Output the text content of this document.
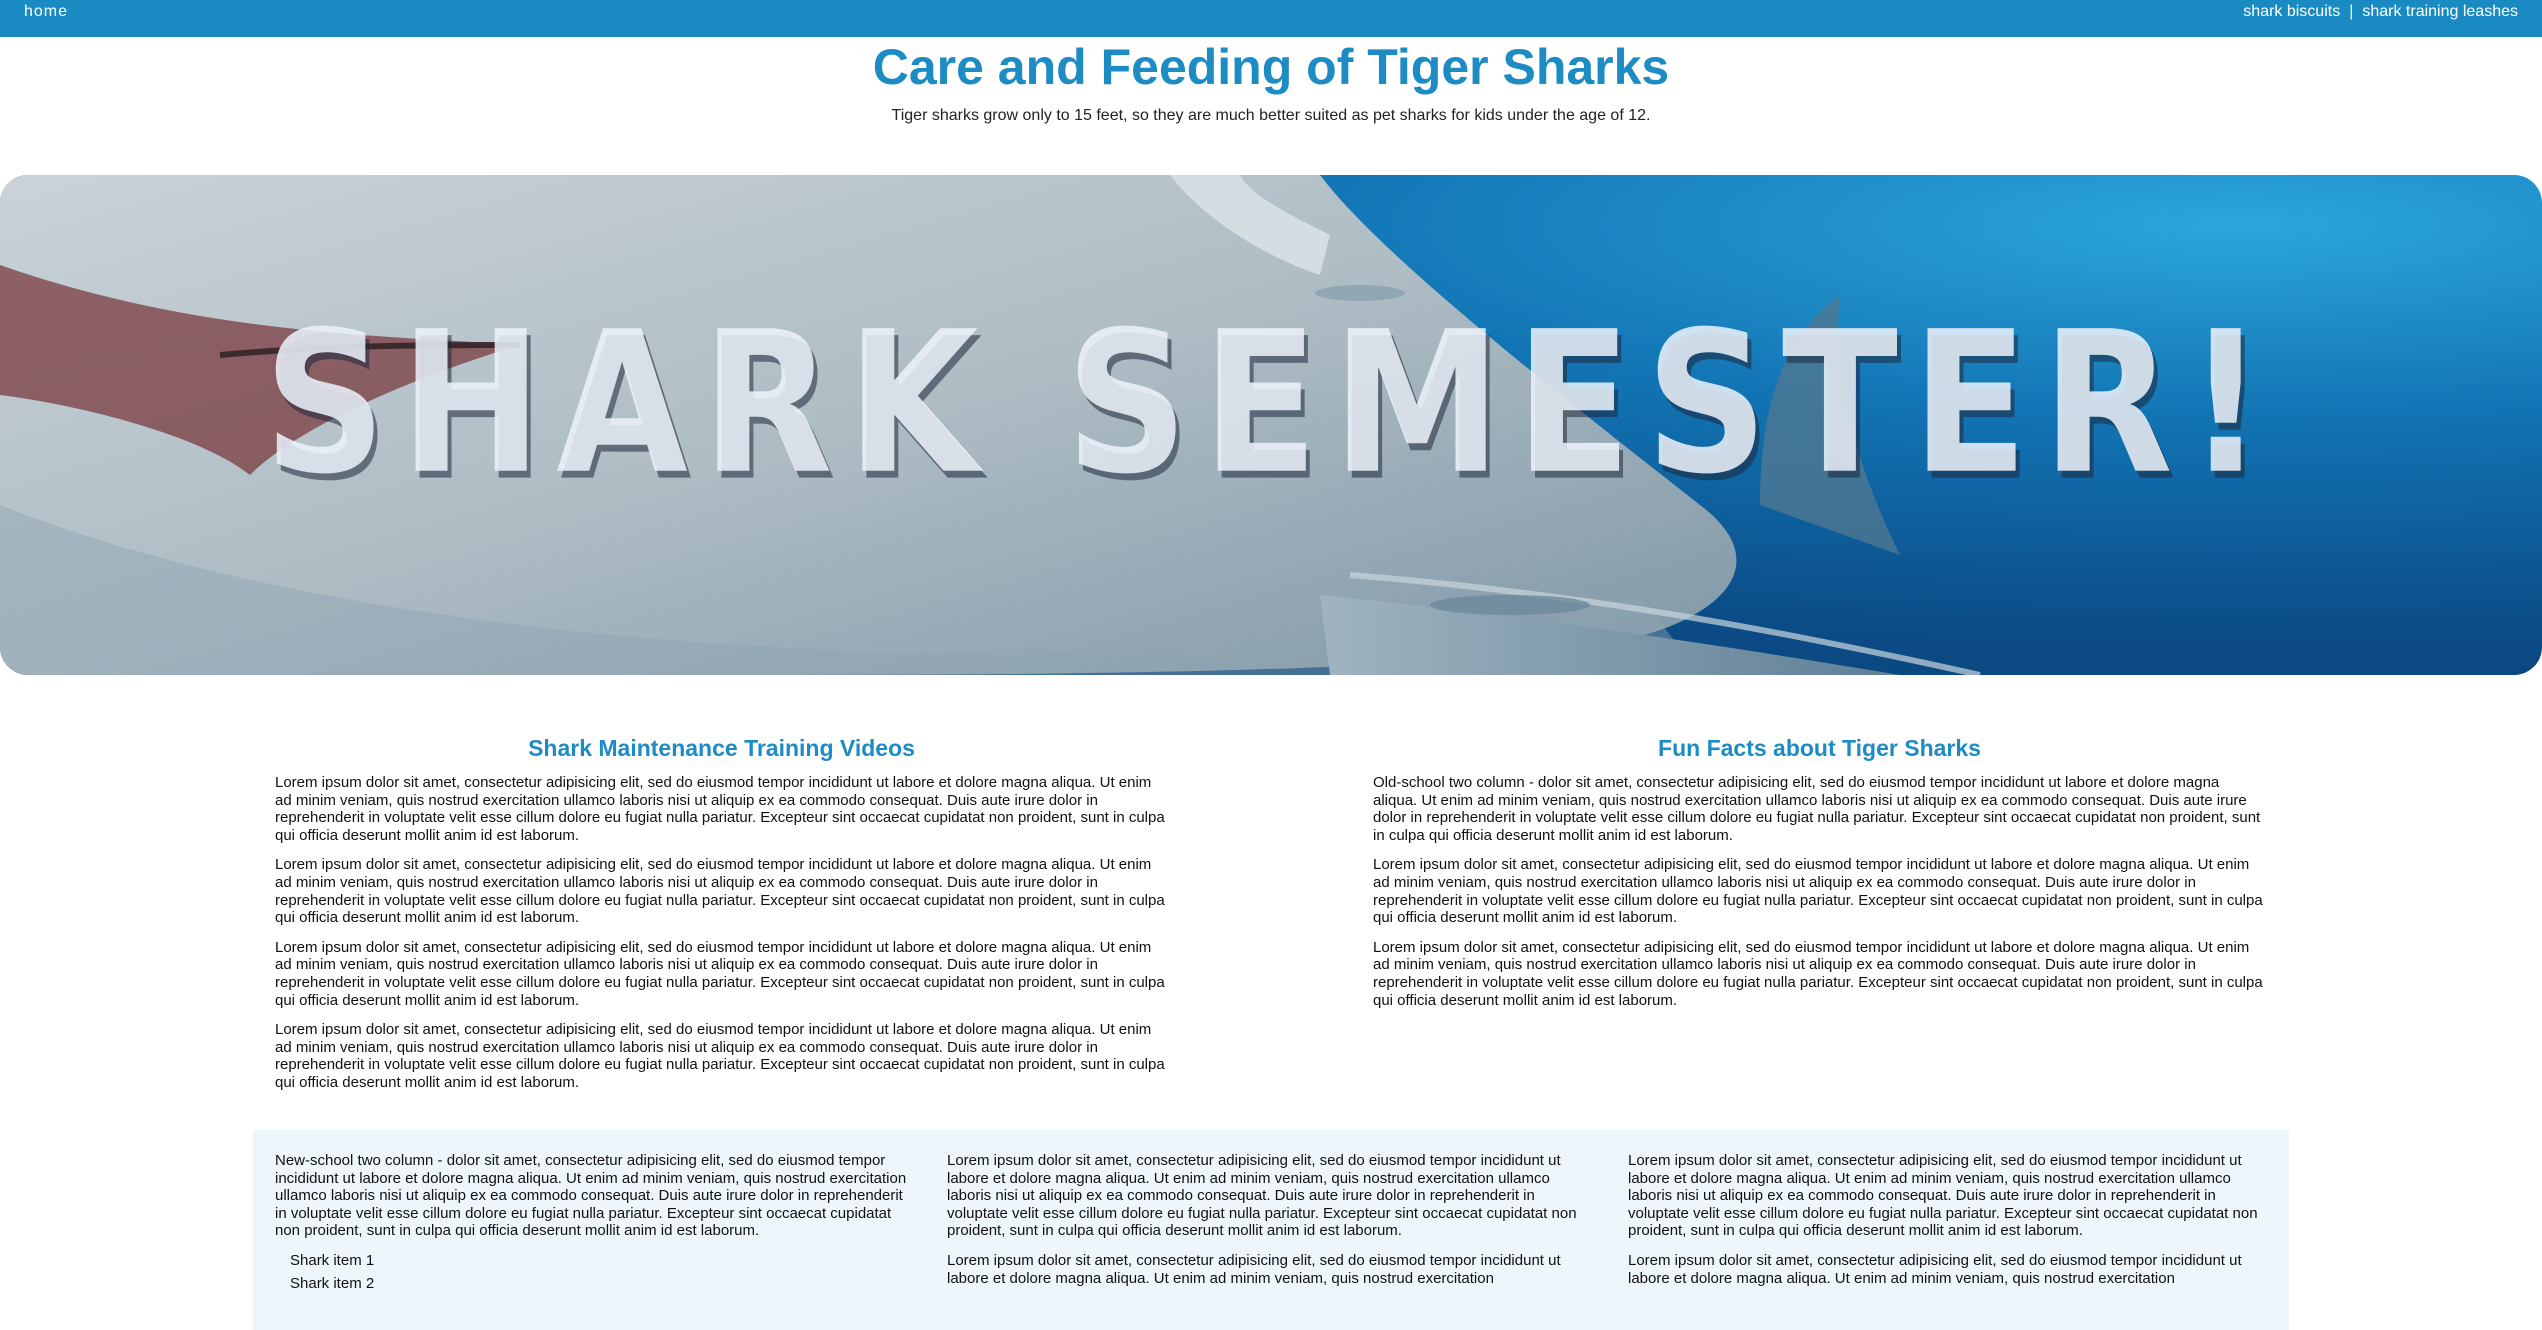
home	shark biscuits | shark training leashes
Care and Feeding of Tiger Sharks

Tiger sharks grow only to 15 feet, so they are much better suited as pet sharks for kids under the age of 12.

SHARK SEMESTER!
Shark Maintenance Training Videos

Lorem ipsum dolor sit amet, consectetur adipisicing elit, sed do eiusmod tempor incididunt ut labore et dolore magna aliqua. Ut enim ad minim veniam, quis nostrud exercitation ullamco laboris nisi ut aliquip ex ea commodo consequat. Duis aute irure dolor in reprehenderit in voluptate velit esse cillum dolore eu fugiat nulla pariatur. Excepteur sint occaecat cupidatat non proident, sunt in culpa qui officia deserunt mollit anim id est laborum.

Lorem ipsum dolor sit amet, consectetur adipisicing elit, sed do eiusmod tempor incididunt ut labore et dolore magna aliqua. Ut enim ad minim veniam, quis nostrud exercitation ullamco laboris nisi ut aliquip ex ea commodo consequat. Duis aute irure dolor in reprehenderit in voluptate velit esse cillum dolore eu fugiat nulla pariatur. Excepteur sint occaecat cupidatat non proident, sunt in culpa qui officia deserunt mollit anim id est laborum.

Lorem ipsum dolor sit amet, consectetur adipisicing elit, sed do eiusmod tempor incididunt ut labore et dolore magna aliqua. Ut enim ad minim veniam, quis nostrud exercitation ullamco laboris nisi ut aliquip ex ea commodo consequat. Duis aute irure dolor in reprehenderit in voluptate velit esse cillum dolore eu fugiat nulla pariatur. Excepteur sint occaecat cupidatat non proident, sunt in culpa qui officia deserunt mollit anim id est laborum.

Lorem ipsum dolor sit amet, consectetur adipisicing elit, sed do eiusmod tempor incididunt ut labore et dolore magna aliqua. Ut enim ad minim veniam, quis nostrud exercitation ullamco laboris nisi ut aliquip ex ea commodo consequat. Duis aute irure dolor in reprehenderit in voluptate velit esse cillum dolore eu fugiat nulla pariatur. Excepteur sint occaecat cupidatat non proident, sunt in culpa qui officia deserunt mollit anim id est laborum.

Fun Facts about Tiger Sharks

Old-school two column - dolor sit amet, consectetur adipisicing elit, sed do eiusmod tempor incididunt ut labore et dolore magna aliqua. Ut enim ad minim veniam, quis nostrud exercitation ullamco laboris nisi ut aliquip ex ea commodo consequat. Duis aute irure dolor in reprehenderit in voluptate velit esse cillum dolore eu fugiat nulla pariatur. Excepteur sint occaecat cupidatat non proident, sunt in culpa qui officia deserunt mollit anim id est laborum.

Lorem ipsum dolor sit amet, consectetur adipisicing elit, sed do eiusmod tempor incididunt ut labore et dolore magna aliqua. Ut enim ad minim veniam, quis nostrud exercitation ullamco laboris nisi ut aliquip ex ea commodo consequat. Duis aute irure dolor in reprehenderit in voluptate velit esse cillum dolore eu fugiat nulla pariatur. Excepteur sint occaecat cupidatat non proident, sunt in culpa qui officia deserunt mollit anim id est laborum.

Lorem ipsum dolor sit amet, consectetur adipisicing elit, sed do eiusmod tempor incididunt ut labore et dolore magna aliqua. Ut enim ad minim veniam, quis nostrud exercitation ullamco laboris nisi ut aliquip ex ea commodo consequat. Duis aute irure dolor in reprehenderit in voluptate velit esse cillum dolore eu fugiat nulla pariatur. Excepteur sint occaecat cupidatat non proident, sunt in culpa qui officia deserunt mollit anim id est laborum.

New-school two column - dolor sit amet, consectetur adipisicing elit, sed do eiusmod tempor incididunt ut labore et dolore magna aliqua. Ut enim ad minim veniam, quis nostrud exercitation ullamco laboris nisi ut aliquip ex ea commodo consequat. Duis aute irure dolor in reprehenderit in voluptate velit esse cillum dolore eu fugiat nulla pariatur. Excepteur sint occaecat cupidatat non proident, sunt in culpa qui officia deserunt mollit anim id est laborum.

Shark item 1
Shark item 2

Lorem ipsum dolor sit amet, consectetur adipisicing elit, sed do eiusmod tempor incididunt ut labore et dolore magna aliqua. Ut enim ad minim veniam, quis nostrud exercitation ullamco laboris nisi ut aliquip ex ea commodo consequat. Duis aute irure dolor in reprehenderit in voluptate velit esse cillum dolore eu fugiat nulla pariatur. Excepteur sint occaecat cupidatat non proident, sunt in culpa qui officia deserunt mollit anim id est laborum.

Lorem ipsum dolor sit amet, consectetur adipisicing elit, sed do eiusmod tempor incididunt ut labore et dolore magna aliqua. Ut enim ad minim veniam, quis nostrud exercitation

Lorem ipsum dolor sit amet, consectetur adipisicing elit, sed do eiusmod tempor incididunt ut labore et dolore magna aliqua. Ut enim ad minim veniam, quis nostrud exercitation ullamco laboris nisi ut aliquip ex ea commodo consequat. Duis aute irure dolor in reprehenderit in voluptate velit esse cillum dolore eu fugiat nulla pariatur. Excepteur sint occaecat cupidatat non proident, sunt in culpa qui officia deserunt mollit anim id est laborum.

Lorem ipsum dolor sit amet, consectetur adipisicing elit, sed do eiusmod tempor incididunt ut labore et dolore magna aliqua. Ut enim ad minim veniam, quis nostrud exercitation
